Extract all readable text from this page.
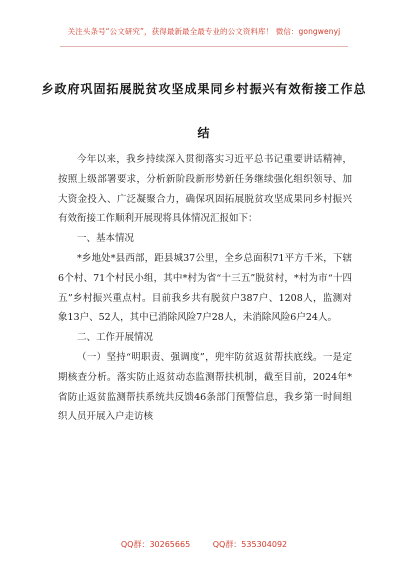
关注头条号“公文研究”，获得最新最全最专业的公文资料库！ 微信：gongwenyj
乡政府巩固拓展脱贫攻坚成果同乡村振兴有效衔接工作总
结

今年以来，我乡持续深入贯彻落实习近平总书记重要讲话精神，按照上级部署要求，分析新阶段新形势新任务继续强化组织领导、加大资金投入、广泛凝聚合力，确保巩固拓展脱贫攻坚成果同乡村振兴有效衔接工作顺利开展现将具体情况汇报如下：

一、基本情况

*乡地处*县西部，距县城37公里，全乡总面积71平方千米，下辖6个村、71个村民小组，其中*村为省“十三五”脱贫村，*村为市“十四五”乡村振兴重点村。目前我乡共有脱贫户387户、1208人，监测对象13户、52人，其中已消除风险7户28人，未消除风险6户24人。

二、工作开展情况

（一）坚持“明职责、强调度”，兜牢防贫返贫帮扶底线。一是定期核查分析。落实防止返贫动态监测帮扶机制，截至目前，2024年*省防止返贫监测帮扶系统共反馈46条部门预警信息，我乡第一时间组织人员开展入户走访核

QQ群：30265665	QQ群：535304092
